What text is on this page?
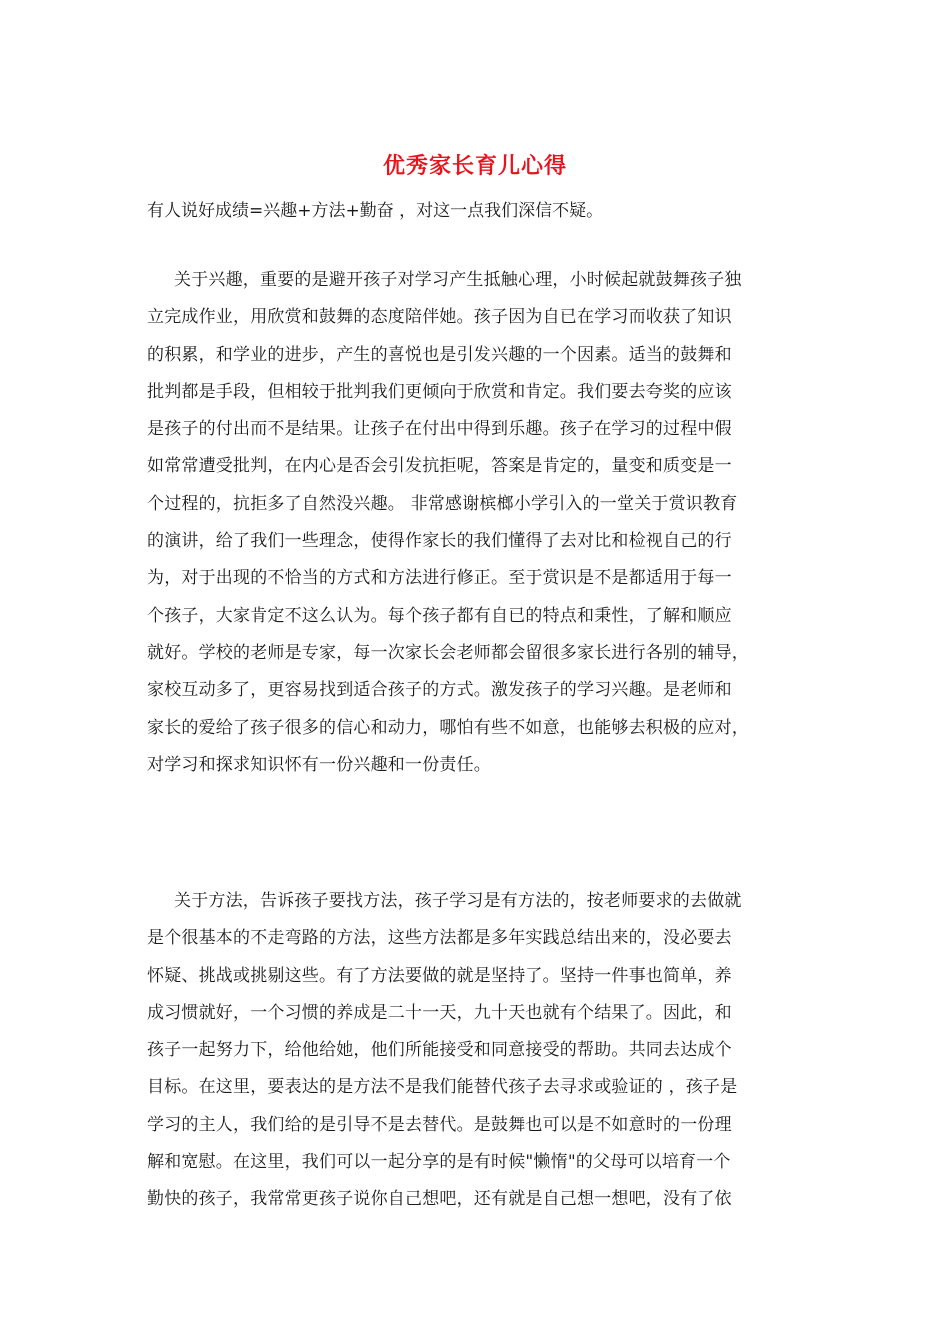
优秀家长育儿心得
有人说好成绩=兴趣+方法+勤奋 ，对这一点我们深信不疑。
关于兴趣，重要的是避开孩子对学习产生抵触心理，小时候起就鼓舞孩子独
立完成作业，用欣赏和鼓舞的态度陪伴她。孩子因为自已在学习而收获了知识
的积累，和学业的进步，产生的喜悦也是引发兴趣的一个因素。适当的鼓舞和
批判都是手段，但相较于批判我们更倾向于欣赏和肯定。我们要去夸奖的应该
是孩子的付出而不是结果。让孩子在付出中得到乐趣。孩子在学习的过程中假
如常常遭受批判，在内心是否会引发抗拒呢，答案是肯定的，量变和质变是一
个过程的，抗拒多了自然没兴趣。 非常感谢槟榔小学引入的一堂关于赏识教育
的演讲，给了我们一些理念，使得作家长的我们懂得了去对比和检视自己的行
为，对于出现的不恰当的方式和方法进行修正。至于赏识是不是都适用于每一
个孩子，大家肯定不这么认为。每个孩子都有自已的特点和秉性，了解和顺应
就好。学校的老师是专家，每一次家长会老师都会留很多家长进行各别的辅导，
家校互动多了，更容易找到适合孩子的方式。激发孩子的学习兴趣。是老师和
家长的爱给了孩子很多的信心和动力，哪怕有些不如意，也能够去积极的应对，
对学习和探求知识怀有一份兴趣和一份责任。
关于方法，告诉孩子要找方法，孩子学习是有方法的，按老师要求的去做就
是个很基本的不走弯路的方法，这些方法都是多年实践总结出来的，没必要去
怀疑、挑战或挑剔这些。有了方法要做的就是坚持了。坚持一件事也简单，养
成习惯就好，一个习惯的养成是二十一天，九十天也就有个结果了。因此，和
孩子一起努力下，给他给她，他们所能接受和同意接受的帮助。共同去达成个
目标。在这里，要表达的是方法不是我们能替代孩子去寻求或验证的 ，孩子是
学习的主人，我们给的是引导不是去替代。是鼓舞也可以是不如意时的一份理
解和宽慰。在这里，我们可以一起分享的是有时候"懒惰"的父母可以培育一个
勤快的孩子，我常常更孩子说你自己想吧，还有就是自己想一想吧，没有了依
